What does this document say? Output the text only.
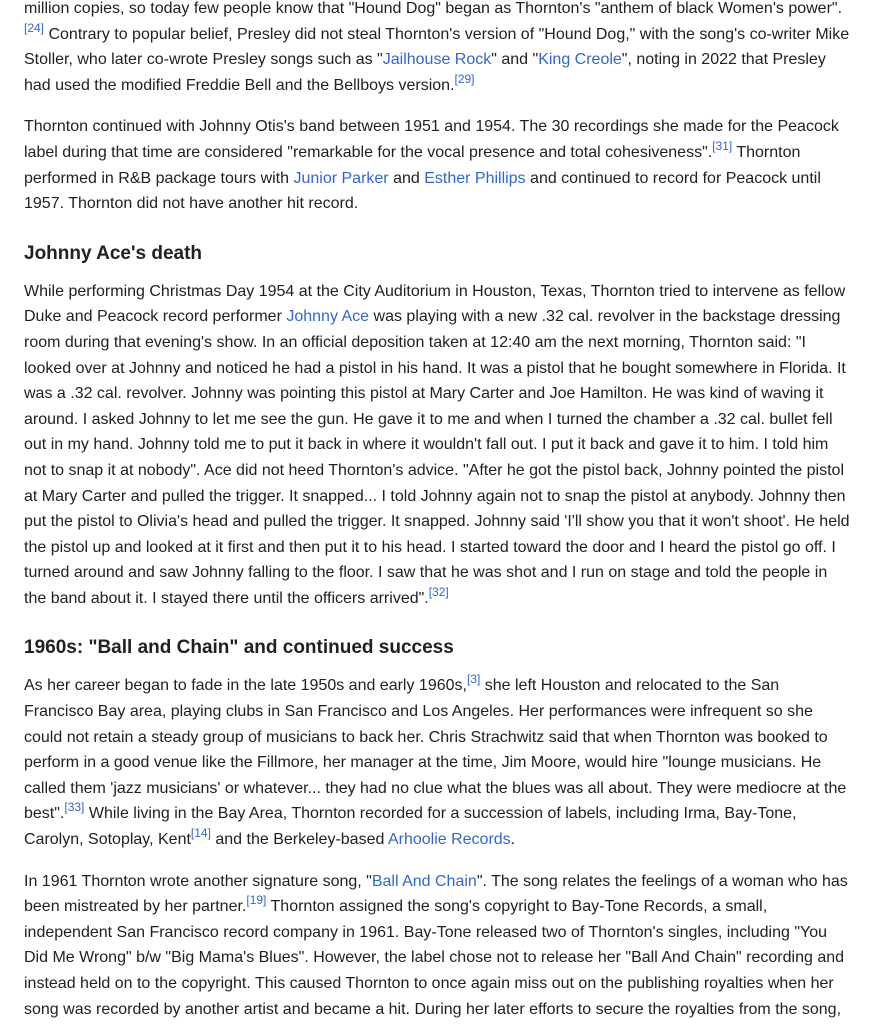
million copies, so today few people know that "Hound Dog" began as Thornton's "anthem of black Women's power".[24] Contrary to popular belief, Presley did not steal Thornton's version of "Hound Dog," with the song's co-writer Mike Stoller, who later co-wrote Presley songs such as "Jailhouse Rock" and "King Creole", noting in 2022 that Presley had used the modified Freddie Bell and the Bellboys version.[29]

Thornton continued with Johnny Otis's band between 1951 and 1954. The 30 recordings she made for the Peacock label during that time are considered "remarkable for the vocal presence and total cohesiveness".[31] Thornton performed in R&B package tours with Junior Parker and Esther Phillips and continued to record for Peacock until 1957. Thornton did not have another hit record.

Johnny Ace's death

While performing Christmas Day 1954 at the City Auditorium in Houston, Texas, Thornton tried to intervene as fellow Duke and Peacock record performer Johnny Ace was playing with a new .32 cal. revolver in the backstage dressing room during that evening's show. In an official deposition taken at 12:40 am the next morning, Thornton said: "I looked over at Johnny and noticed he had a pistol in his hand. It was a pistol that he bought somewhere in Florida. It was a .32 cal. revolver. Johnny was pointing this pistol at Mary Carter and Joe Hamilton. He was kind of waving it around. I asked Johnny to let me see the gun. He gave it to me and when I turned the chamber a .32 cal. bullet fell out in my hand. Johnny told me to put it back in where it wouldn't fall out. I put it back and gave it to him. I told him not to snap it at nobody". Ace did not heed Thornton's advice. "After he got the pistol back, Johnny pointed the pistol at Mary Carter and pulled the trigger. It snapped... I told Johnny again not to snap the pistol at anybody. Johnny then put the pistol to Olivia's head and pulled the trigger. It snapped. Johnny said 'I'll show you that it won't shoot'. He held the pistol up and looked at it first and then put it to his head. I started toward the door and I heard the pistol go off. I turned around and saw Johnny falling to the floor. I saw that he was shot and I run on stage and told the people in the band about it. I stayed there until the officers arrived".[32]

1960s: "Ball and Chain" and continued success

As her career began to fade in the late 1950s and early 1960s,[3] she left Houston and relocated to the San Francisco Bay area, playing clubs in San Francisco and Los Angeles. Her performances were infrequent so she could not retain a steady group of musicians to back her. Chris Strachwitz said that when Thornton was booked to perform in a good venue like the Fillmore, her manager at the time, Jim Moore, would hire "lounge musicians. He called them 'jazz musicians' or whatever... they had no clue what the blues was all about. They were mediocre at the best".[33] While living in the Bay Area, Thornton recorded for a succession of labels, including Irma, Bay-Tone, Carolyn, Sotoplay, Kent[14] and the Berkeley-based Arhoolie Records.

In 1961 Thornton wrote another signature song, "Ball And Chain". The song relates the feelings of a woman who has been mistreated by her partner.[19] Thornton assigned the song's copyright to Bay-Tone Records, a small, independent San Francisco record company in 1961. Bay-Tone released two of Thornton's singles, including "You Did Me Wrong" b/w "Big Mama's Blues". However, the label chose not to release her "Ball And Chain" recording and instead held on to the copyright. This caused Thornton to once again miss out on the publishing royalties when her song was recorded by another artist and became a hit. During her later efforts to secure the royalties from the song,
